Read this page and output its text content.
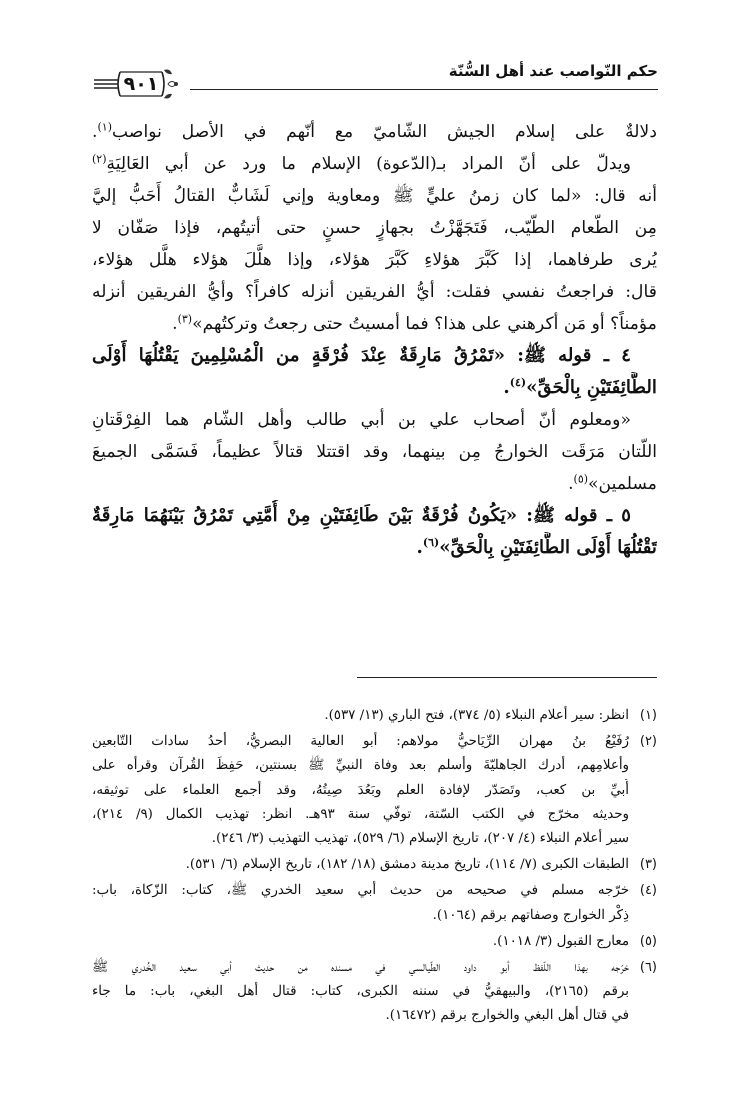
حكم النّواصب عند أهل السُّنّة
٩٠١
دلالةٌ على إسلام الجيش الشّاميّ مع أنّهم في الأصل نواصب$^{(١)}$.
ويدلّ على أنّ المراد بـ(الدّعوة) الإسلام ما ورد عن أبي العَالِيَةِ$^{(٢)}$
أنه قال: «لما كان زمنُ عليٍّ ﷺ ومعاوية وإني لَشَابٌّ القتالُ أَحَبُّ إليَّ
مِن الطّعام الطّيّب، فَتَجَهَّزْتُ بجهازٍ حسنٍ حتى أتيتُهم، فإذا صَفّان لا
يُرى طرفاهما، إذا كَبَّرَ هؤلاءِ كَبَّرَ هؤلاء، وإذا هلَّلَ هؤلاء هلَّل هؤلاء،
قال: فراجعتُ نفسي فقلت: أيُّ الفريقين أنزله كافراً؟ وأيُّ الفريقين أنزله
مؤمناً؟ أو مَن أكرهني على هذا؟ فما أمسيتُ حتى رجعتُ وتركتُهم»$^{(٣)}$.
٤ ـ قوله ﷺ: «تَمْرُقُ مَارِقَةٌ عِنْدَ فُرْقَةٍ من الْمُسْلِمِينَ يَقْتُلُهَا أَوْلَى
الطَّائِفَتَيْنِ بِالْحَقِّ»$^{(٤)}$.
«ومعلوم أنّ أصحاب علي بن أبي طالب وأهل الشّام هما الفِرْقَتانِ
اللّتان مَرَقَت الخوارجُ مِن بينهما، وقد اقتتلا قتالاً عظيماً، فَسَمَّى الجميعَ
مسلمين»$^{(٥)}$.
٥ ـ قوله ﷺ: «يَكُونُ فُرْقَةٌ بَيْنَ طَائِفَتَيْنِ مِنْ أُمَّتِي تَمْرُقُ بَيْنَهُمَا مَارِقَةٌ
تَقْتُلُهَا أَوْلَى الطَّائِفَتَيْنِ بِالْحَقِّ»$^{(٦)}$.
(١)
انظر: سير أعلام النبلاء (٥/ ٣٧٤)، فتح الباري (١٣/ ٥٣٧).
(٢)
رُفَيْعُ بنُ مهران الرِّيَاحيُّ مولاهم: أبو العالية البصريُّ، أحدُ سادات التّابعين
وأعلامِهم، أدرك الجاهليّةَ وأسلم بعد وفاة النبيِّ ﷺ بسنتين، حَفِظَ القُرآن وقرأه على
أُبيِّ بن كعب، وتَصَدّر لإفادة العلم وبَعُدَ صِيتُهُ، وقد أجمع العلماء على توثيقه،
وحديثه مخرّج في الكتب السّتة، توفّي سنة ٩٣هـ. انظر: تهذيب الكمال (٩/ ٢١٤)،
سير أعلام النبلاء (٤/ ٢٠٧)، تاريخ الإسلام (٦/ ٥٢٩)، تهذيب التهذيب (٣/ ٢٤٦).
(٣)
الطبقات الكبرى (٧/ ١١٤)، تاريخ مدينة دمشق (١٨/ ١٨٢)، تاريخ الإسلام (٦/ ٥٣١).
(٤)
خرّجه مسلم في صحيحه من حديث أبي سعيد الخدري ﷺ، كتاب: الزّكاة، باب:
ذِكْر الخوارج وصفاتهم برقم (١٠٦٤).
(٥)
معارج القبول (٣/ ١٠١٨).
(٦)
خرّجه بهذا اللّفظ أبو داود الطّيالسي في مسنده من حديث أبي سعيد الخُدري ﷺ
برقم (٢١٦٥)، والبيهقيُّ في سننه الكبرى، كتاب: قتال أهل البغي، باب: ما جاء
في قتال أهل البغي والخوارج برقم (١٦٤٧٢).
